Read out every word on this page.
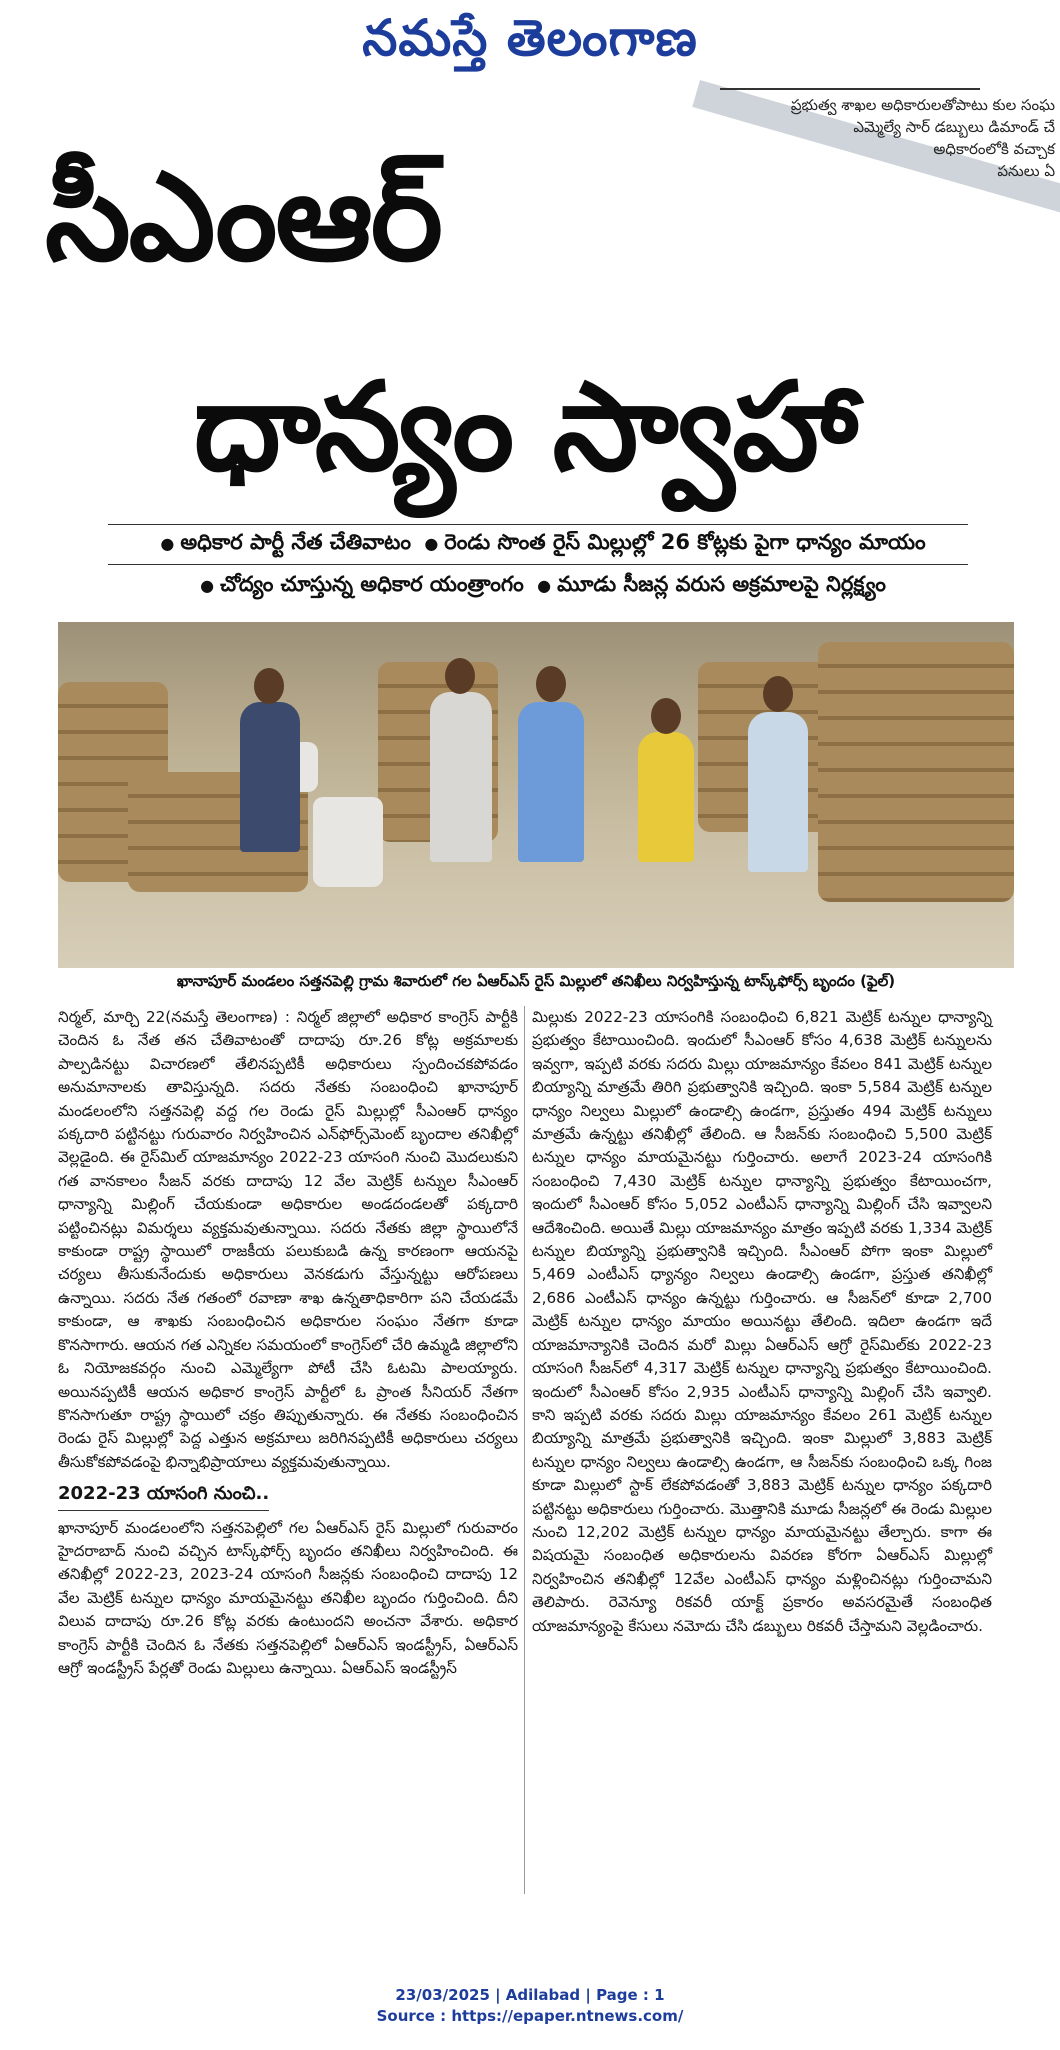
నమస్తే తెలంగాణ
ప్రభుత్వ శాఖల అధికారులతోపాటు కుల సంఘ
ఎమ్మెల్యే సార్ డబ్బులు డిమాండ్ చే
అధికారంలోకి వచ్చాక
పనులు ఏ
సీఎంఆర్
ధాన్యం స్వాహా
● అధికార పార్టీ నేత చేతివాటం ● రెండు సొంత రైస్ మిల్లుల్లో 26 కోట్లకు పైగా ధాన్యం మాయం
● చోద్యం చూస్తున్న అధికార యంత్రాంగం ● మూడు సీజన్ల వరుస అక్రమాలపై నిర్లక్ష్యం
ఖానాపూర్ మండలం సత్తనపెల్లి గ్రామ శివారులో గల ఏఆర్ఎస్ రైస్ మిల్లులో తనిఖీలు నిర్వహిస్తున్న టాస్క్‌ఫోర్స్ బృందం (ఫైల్)

నిర్మల్, మార్చి 22(నమస్తే తెలంగాణ) : నిర్మల్ జిల్లాలో అధికార కాంగ్రెస్ పార్టీకి చెందిన ఓ నేత తన చేతివాటంతో దాదాపు రూ.26 కోట్ల అక్రమాలకు పాల్పడినట్టు విచారణలో తేలినప్పటికీ అధికారులు స్పందించకపోవడం అనుమానాలకు తావిస్తున్నది. సదరు నేతకు సంబంధించి ఖానాపూర్ మండలంలోని సత్తనపెల్లి వద్ద గల రెండు రైస్ మిల్లుల్లో సీఎంఆర్ ధాన్యం పక్కదారి పట్టినట్టు గురువారం నిర్వహించిన ఎన్‌ఫోర్స్‌మెంట్ బృందాల తనిఖీల్లో వెల్లడైంది. ఈ రైస్‌మిల్ యాజమాన్యం 2022-23 యాసంగి నుంచి మొదలుకుని గత వానకాలం సీజన్ వరకు దాదాపు 12 వేల మెట్రిక్ టన్నుల సీఎంఆర్ ధాన్యాన్ని మిల్లింగ్ చేయకుండా అధికారుల అండదండలతో పక్కదారి పట్టించినట్లు విమర్శలు వ్యక్తమవుతున్నాయి. సదరు నేతకు జిల్లా స్థాయిలోనే కాకుండా రాష్ట్ర స్థాయిలో రాజకీయ పలుకుబడి ఉన్న కారణంగా ఆయనపై చర్యలు తీసుకునేందుకు అధికారులు వెనకడుగు వేస్తున్నట్టు ఆరోపణలు ఉన్నాయి. సదరు నేత గతంలో రవాణా శాఖ ఉన్నతాధికారిగా పని చేయడమే కాకుండా, ఆ శాఖకు సంబంధించిన అధికారుల సంఘం నేతగా కూడా కొనసాగారు. ఆయన గత ఎన్నికల సమయంలో కాంగ్రెస్‌లో చేరి ఉమ్మడి జిల్లాలోని ఓ నియోజకవర్గం నుంచి ఎమ్మెల్యేగా పోటీ చేసి ఓటమి పాలయ్యారు. అయినప్పటికీ ఆయన అధికార కాంగ్రెస్ పార్టీలో ఓ ప్రాంత సీనియర్ నేతగా కొనసాగుతూ రాష్ట్ర స్థాయిలో చక్రం తిప్పుతున్నారు. ఈ నేతకు సంబంధించిన రెండు రైస్ మిల్లుల్లో పెద్ద ఎత్తున అక్రమాలు జరిగినప్పటికీ అధికారులు చర్యలు తీసుకోకపోవడంపై భిన్నాభిప్రాయాలు వ్యక్తమవుతున్నాయి.

2022-23 యాసంగి నుంచి..

ఖానాపూర్ మండలంలోని సత్తనపెల్లిలో గల ఏఆర్ఎస్ రైస్ మిల్లులో గురువారం హైదరాబాద్ నుంచి వచ్చిన టాస్క్‌ఫోర్స్ బృందం తనిఖీలు నిర్వహించింది. ఈ తనిఖీల్లో 2022-23, 2023-24 యాసంగి సీజన్లకు సంబంధించి దాదాపు 12 వేల మెట్రిక్ టన్నుల ధాన్యం మాయమైనట్టు తనిఖీల బృందం గుర్తించింది. దీని విలువ దాదాపు రూ.26 కోట్ల వరకు ఉంటుందని అంచనా వేశారు. అధికార కాంగ్రెస్ పార్టీకి చెందిన ఓ నేతకు సత్తనపెల్లిలో ఏఆర్ఎస్ ఇండస్ట్రీస్, ఏఆర్ఎస్ ఆగ్రో ఇండస్ట్రీస్ పేర్లతో రెండు మిల్లులు ఉన్నాయి. ఏఆర్ఎస్ ఇండస్ట్రీస్

మిల్లుకు 2022-23 యాసంగికి సంబంధించి 6,821 మెట్రిక్ టన్నుల ధాన్యాన్ని ప్రభుత్వం కేటాయించింది. ఇందులో సీఎంఆర్ కోసం 4,638 మెట్రిక్ టన్నులను ఇవ్వగా, ఇప్పటి వరకు సదరు మిల్లు యాజమాన్యం కేవలం 841 మెట్రిక్ టన్నుల బియ్యాన్ని మాత్రమే తిరిగి ప్రభుత్వానికి ఇచ్చింది. ఇంకా 5,584 మెట్రిక్ టన్నుల ధాన్యం నిల్వలు మిల్లులో ఉండాల్సి ఉండగా, ప్రస్తుతం 494 మెట్రిక్ టన్నులు మాత్రమే ఉన్నట్టు తనిఖీల్లో తేలింది. ఆ సీజన్‌కు సంబంధించి 5,500 మెట్రిక్ టన్నుల ధాన్యం మాయమైనట్టు గుర్తించారు. అలాగే 2023-24 యాసంగికి సంబంధించి 7,430 మెట్రిక్ టన్నుల ధాన్యాన్ని ప్రభుత్వం కేటాయించగా, ఇందులో సీఎంఆర్ కోసం 5,052 ఎంటీఎస్ ధాన్యాన్ని మిల్లింగ్ చేసి ఇవ్వాలని ఆదేశించింది. అయితే మిల్లు యాజమాన్యం మాత్రం ఇప్పటి వరకు 1,334 మెట్రిక్ టన్నుల బియ్యాన్ని ప్రభుత్వానికి ఇచ్చింది. సీఎంఆర్ పోగా ఇంకా మిల్లులో 5,469 ఎంటీఎస్ ధ్యాన్యం నిల్వలు ఉండాల్సి ఉండగా, ప్రస్తుత తనిఖీల్లో 2,686 ఎంటీఎస్ ధాన్యం ఉన్నట్టు గుర్తించారు. ఆ సీజన్‌లో కూడా 2,700 మెట్రిక్ టన్నుల ధాన్యం మాయం అయినట్టు తేలింది. ఇదిలా ఉండగా ఇదే యాజమాన్యానికి చెందిన మరో మిల్లు ఏఆర్ఎస్ ఆగ్రో రైస్‌మిల్‌కు 2022-23 యాసంగి సీజన్‌లో 4,317 మెట్రిక్ టన్నుల ధాన్యాన్ని ప్రభుత్వం కేటాయించింది. ఇందులో సీఎంఆర్ కోసం 2,935 ఎంటీఎస్ ధాన్యాన్ని మిల్లింగ్ చేసి ఇవ్వాలి. కాని ఇప్పటి వరకు సదరు మిల్లు యాజమాన్యం కేవలం 261 మెట్రిక్ టన్నుల బియ్యాన్ని మాత్రమే ప్రభుత్వానికి ఇచ్చింది. ఇంకా మిల్లులో 3,883 మెట్రిక్ టన్నుల ధాన్యం నిల్వలు ఉండాల్సి ఉండగా, ఆ సీజన్‌కు సంబంధించి ఒక్క గింజ కూడా మిల్లులో స్టాక్ లేకపోవడంతో 3,883 మెట్రిక్ టన్నుల ధాన్యం పక్కదారి పట్టినట్టు అధికారులు గుర్తించారు. మొత్తానికి మూడు సీజన్లలో ఈ రెండు మిల్లుల నుంచి 12,202 మెట్రిక్ టన్నుల ధాన్యం మాయమైనట్టు తేల్చారు. కాగా ఈ విషయమై సంబంధిత అధికారులను వివరణ కోరగా ఏఆర్ఎస్ మిల్లుల్లో నిర్వహించిన తనిఖీల్లో 12వేల ఎంటీఎస్ ధాన్యం మళ్లించినట్లు గుర్తించామని తెలిపారు. రెవెన్యూ రికవరీ యాక్ట్ ప్రకారం అవసరమైతే సంబంధిత యాజమాన్యంపై కేసులు నమోదు చేసి డబ్బులు రికవరీ చేస్తామని వెల్లడించారు.

23/03/2025 | Adilabad | Page : 1
Source : https://epaper.ntnews.com/
